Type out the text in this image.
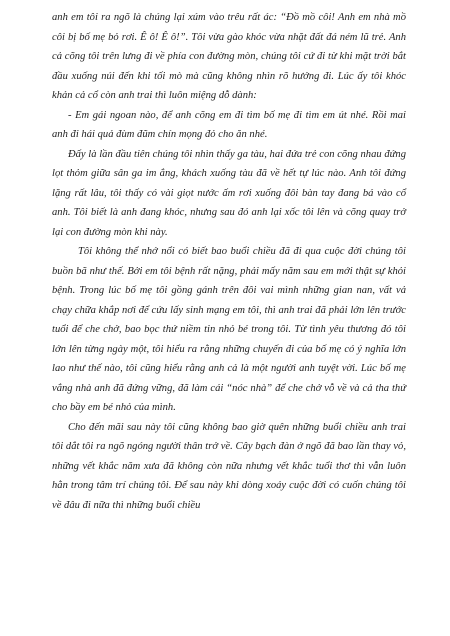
anh em tôi ra ngõ là chúng lại xúm vào trêu rất ác: “Đồ mồ côi! Anh em nhà mồ côi bị bố mẹ bỏ rơi. Ê ô! Ê ô!”. Tôi vừa gào khóc vừa nhặt đất đá ném lũ trẻ. Anh cả cõng tôi trên lưng đi về phía con đường mòn, chúng tôi cứ đi từ khi mặt trời bắt đầu xuống núi đến khi tối mò mà cũng không nhìn rõ hướng đi. Lúc ấy tôi khóc khản cả cổ còn anh trai thì luôn miệng dỗ dành:

- Em gái ngoan nào, để anh cõng em đi tìm bố mẹ đi tìm em út nhé. Rồi mai anh đi hái quả đùm đũm chín mọng đỏ cho ăn nhé.

Đấy là lần đầu tiên chúng tôi nhìn thấy ga tàu, hai đứa trẻ con cõng nhau đứng lọt thỏm giữa sân ga im ắng, khách xuống tàu đã về hết tự lúc nào. Anh tôi đứng lặng rất lâu, tôi thấy có vài giọt nước ấm rơi xuống đôi bàn tay đang bá vào cổ anh. Tôi biết là anh đang khóc, nhưng sau đó anh lại xốc tôi lên và cõng quay trở lại con đường mòn khi này.

Tôi không thể nhớ nổi có biết bao buổi chiều đã đi qua cuộc đời chúng tôi buồn bã như thế. Bởi em tôi bệnh rất nặng, phải mấy năm sau em mới thật sự khỏi bệnh. Trong lúc bố mẹ tôi gồng gánh trên đôi vai mình những gian nan, vất vả chạy chữa khắp nơi để cứu lấy sinh mạng em tôi, thì anh trai đã phải lớn lên trước tuổi để che chở, bao bọc thứ niềm tin nhỏ bé trong tôi. Từ tình yêu thương đó tôi lớn lên từng ngày một, tôi hiểu ra rằng những chuyến đi của bố mẹ có ý nghĩa lớn lao như thế nào, tôi cũng hiểu rằng anh cả là một người anh tuyệt vời. Lúc bố mẹ vắng nhà anh đã đứng vững, đã làm cái “nóc nhà” để che chở vỗ về và cả tha thứ cho bầy em bé nhỏ của mình.

Cho đến mãi sau này tôi cũng không bao giờ quên những buổi chiều anh trai tôi dắt tôi ra ngõ ngóng người thân trở về. Cây bạch đàn ở ngõ đã bao lần thay vỏ, những vết khắc năm xưa đã không còn nữa nhưng vết khắc tuổi thơ thì vẫn luôn hằn trong tâm trí chúng tôi. Để sau này khi dòng xoáy cuộc đời có cuốn chúng tôi về đâu đi nữa thì những buổi chiều
